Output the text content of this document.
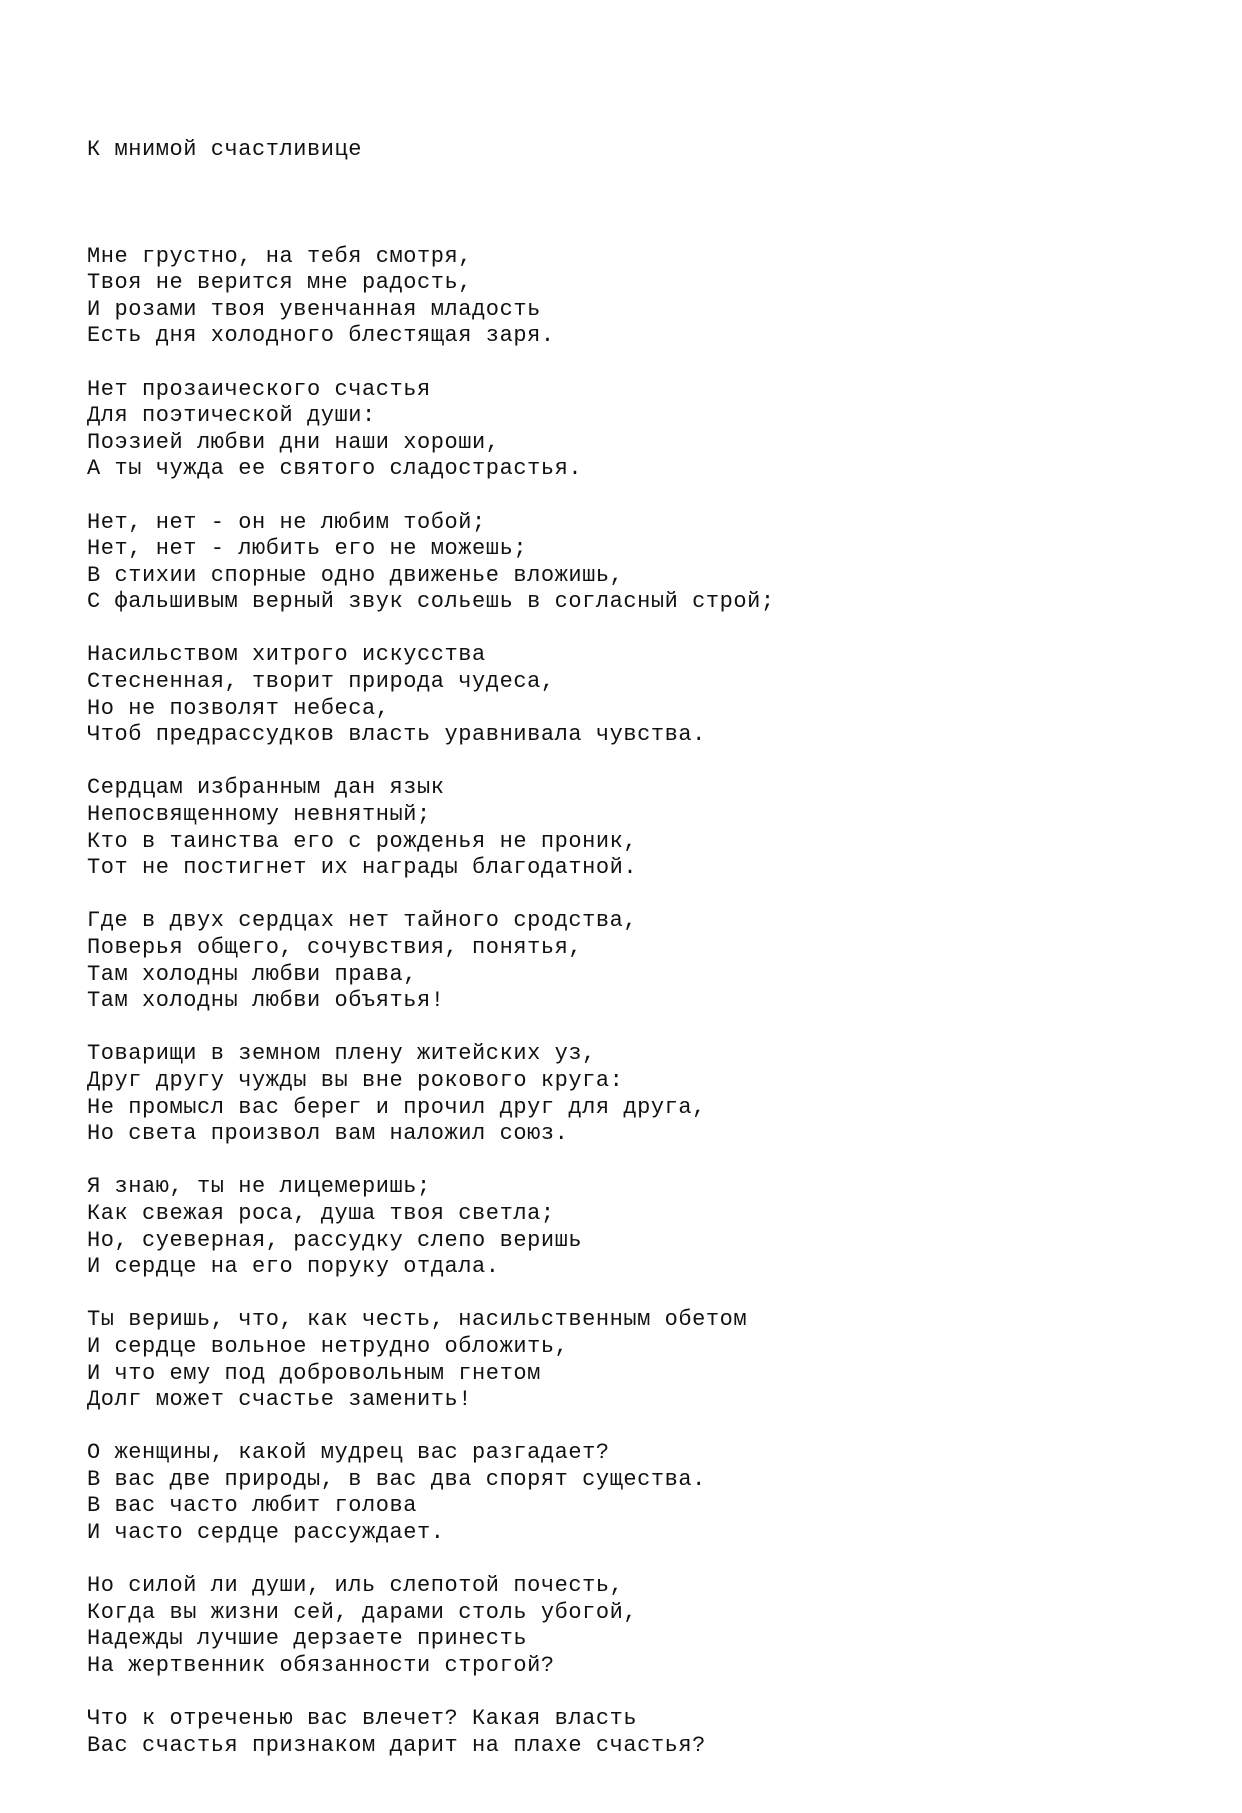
К мнимой счастливице

Мне грустно, на тебя смотря,
Твоя не верится мне радость,
И розами твоя увенчанная младость
Есть дня холодного блестящая заря.
Нет прозаического счастья
Для поэтической души:
Поэзией любви дни наши хороши,
А ты чужда ее святого сладострастья.
Нет, нет - он не любим тобой;
Нет, нет - любить его не можешь;
В стихии спорные одно движенье вложишь,
С фальшивым верный звук сольешь в согласный строй;
Насильством хитрого искусства
Стесненная, творит природа чудеса,
Но не позволят небеса,
Чтоб предрассудков власть уравнивала чувства.
Сердцам избранным дан язык
Непосвященному невнятный;
Кто в таинства его с рожденья не проник,
Тот не постигнет их награды благодатной.
Где в двух сердцах нет тайного сродства,
Поверья общего, сочувствия, понятья,
Там холодны любви права,
Там холодны любви объятья!
Товарищи в земном плену житейских уз,
Друг другу чужды вы вне рокового круга:
Не промысл вас берег и прочил друг для друга,
Но света произвол вам наложил союз.
Я знаю, ты не лицемеришь;
Как свежая роса, душа твоя светла;
Но, суеверная, рассудку слепо веришь
И сердце на его поруку отдала.
Ты веришь, что, как честь, насильственным обетом
И сердце вольное нетрудно обложить,
И что ему под добровольным гнетом
Долг может счастье заменить!
О женщины, какой мудрец вас разгадает?
В вас две природы, в вас два спорят существа.
В вас часто любит голова
И часто сердце рассуждает.
Но силой ли души, иль слепотой почесть,
Когда вы жизни сей, дарами столь убогой,
Надежды лучшие дерзаете принесть
На жертвенник обязанности строгой?
Что к отреченью вас влечет? Какая власть
Вас счастья признаком дарит на плахе счастья?
